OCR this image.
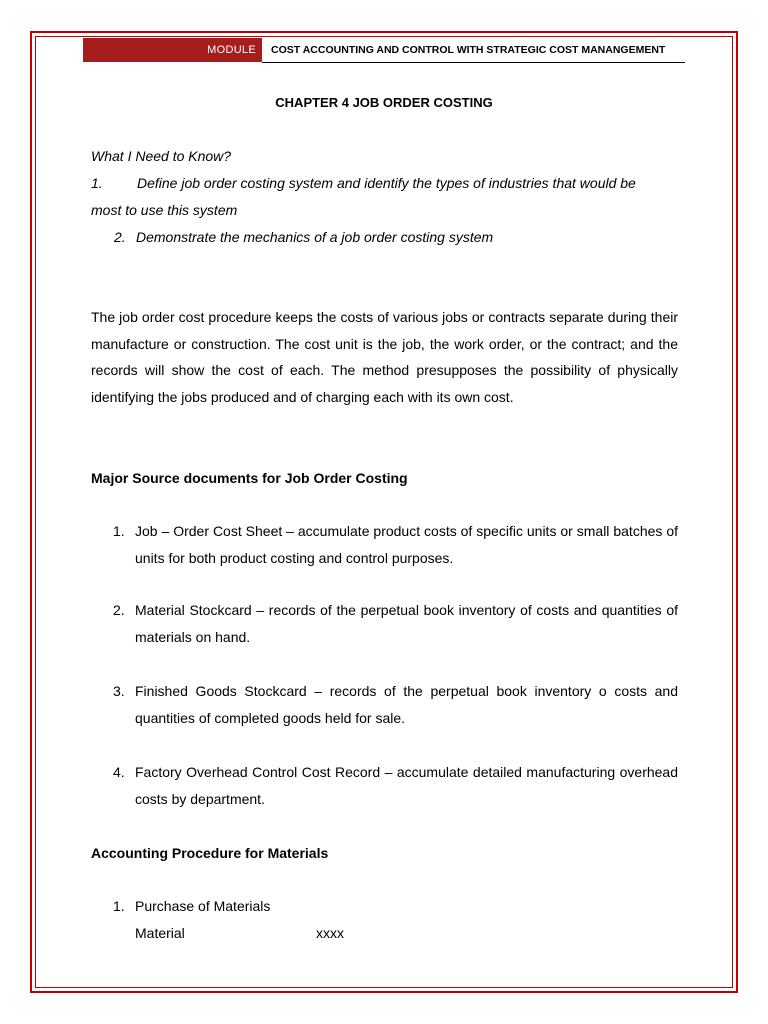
MODULE	COST ACCOUNTING AND CONTROL WITH STRATEGIC COST MANANGEMENT
CHAPTER 4 JOB ORDER COSTING
What I Need to Know?
1. Define job order costing system and identify the types of industries that would be
most to use this system
2. Demonstrate the mechanics of a job order costing system
The job order cost procedure keeps the costs of various jobs or contracts separate during their manufacture or construction. The cost unit is the job, the work order, or the contract; and the records will show the cost of each. The method presupposes the possibility of physically identifying the jobs produced and of charging each with its own cost.
Major Source documents for Job Order Costing
1. Job – Order Cost Sheet – accumulate product costs of specific units or small batches of units for both product costing and control purposes.
2. Material Stockcard – records of the perpetual book inventory of costs and quantities of materials on hand.
3. Finished Goods Stockcard – records of the perpetual book inventory o costs and quantities of completed goods held for sale.
4. Factory Overhead Control Cost Record – accumulate detailed manufacturing overhead costs by department.
Accounting Procedure for Materials
1. Purchase of Materials
Material	xxxx
